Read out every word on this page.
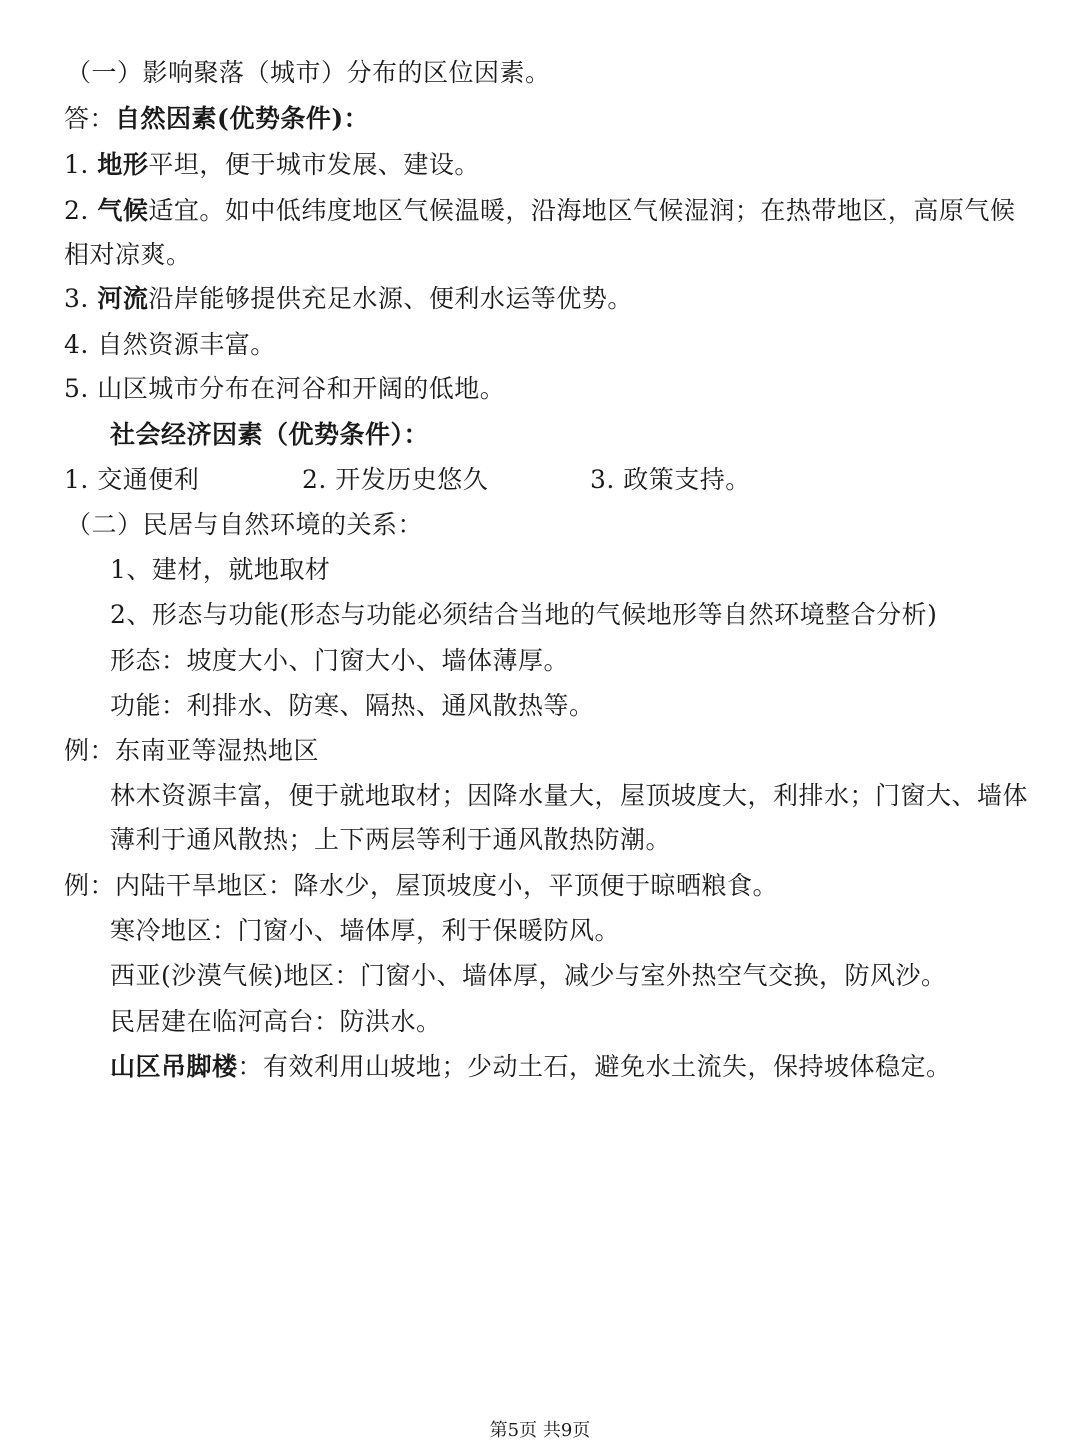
（一）影响聚落（城市）分布的区位因素。
答：自然因素(优势条件)：
1. 地形平坦，便于城市发展、建设。
2. 气候适宜。如中低纬度地区气候温暖，沿海地区气候湿润；在热带地区，高原气候
相对凉爽。
3. 河流沿岸能够提供充足水源、便利水运等优势。
4. 自然资源丰富。
5. 山区城市分布在河谷和开阔的低地。
社会经济因素（优势条件）：
1. 交通便利	2. 开发历史悠久	3. 政策支持。
（二）民居与自然环境的关系：
1、建材，就地取材
2、形态与功能(形态与功能必须结合当地的气候地形等自然环境整合分析)
形态：坡度大小、门窗大小、墙体薄厚。
功能：利排水、防寒、隔热、通风散热等。
例：东南亚等湿热地区
林木资源丰富，便于就地取材；因降水量大，屋顶坡度大，利排水；门窗大、墙体
薄利于通风散热；上下两层等利于通风散热防潮。
例：内陆干旱地区：降水少，屋顶坡度小，平顶便于晾晒粮食。
寒冷地区：门窗小、墙体厚，利于保暖防风。
西亚(沙漠气候)地区：门窗小、墙体厚，减少与室外热空气交换，防风沙。
民居建在临河高台：防洪水。
山区吊脚楼：有效利用山坡地；少动土石，避免水土流失，保持坡体稳定。
第5页 共9页
